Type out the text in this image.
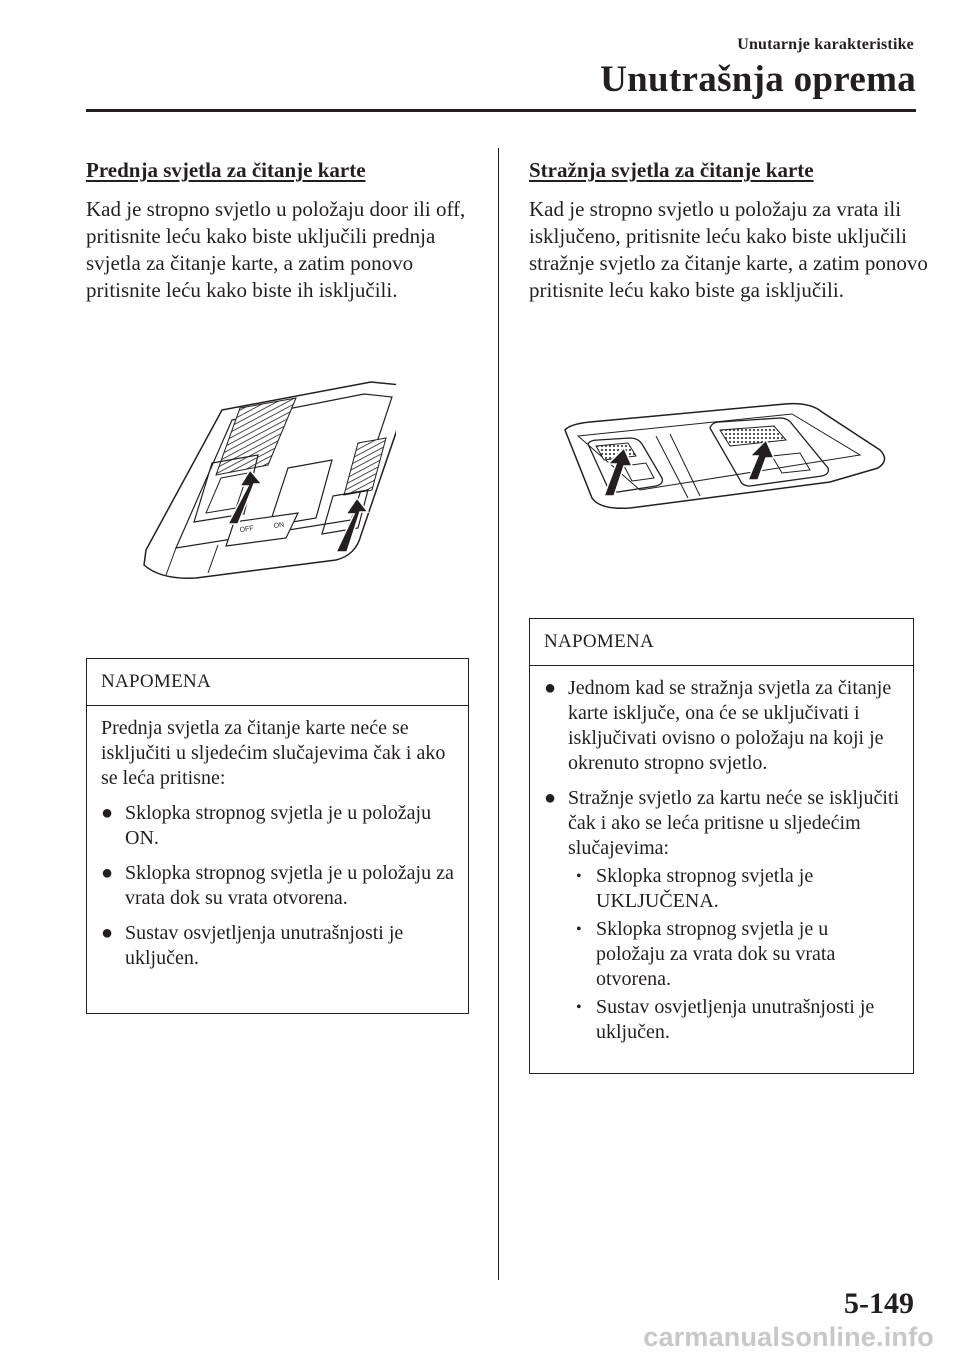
Unutarnje karakteristike
Unutrašnja oprema
Prednja svjetla za čitanje karte
Kad je stropno svjetlo u položaju door ili off, pritisnite leću kako biste uključili prednja svjetla za čitanje karte, a zatim ponovo pritisnite leću kako biste ih isključili.
OFF	ON
NAPOMENA

Prednja svjetla za čitanje karte neće se isključiti u sljedećim slučajevima čak i ako se leća pritisne:

● Sklopka stropnog svjetla je u položaju ON.
● Sklopka stropnog svjetla je u položaju za vrata dok su vrata otvorena.
● Sustav osvjetljenja unutrašnjosti je uključen.
Stražnja svjetla za čitanje karte
Kad je stropno svjetlo u položaju za vrata ili isključeno, pritisnite leću kako biste uključili stražnje svjetlo za čitanje karte, a zatim ponovo pritisnite leću kako biste ga isključili.
NAPOMENA
● Jednom kad se stražnja svjetla za čitanje karte isključe, ona će se uključivati i isključivati ovisno o položaju na koji je okrenuto stropno svjetlo.
● Stražnje svjetlo za kartu neće se isključiti čak i ako se leća pritisne u sljedećim slučajevima:
• Sklopka stropnog svjetla je UKLJUČENA.
• Sklopka stropnog svjetla je u položaju za vrata dok su vrata otvorena.
• Sustav osvjetljenja unutrašnjosti je uključen.
5-149
carmanualsonline.info
